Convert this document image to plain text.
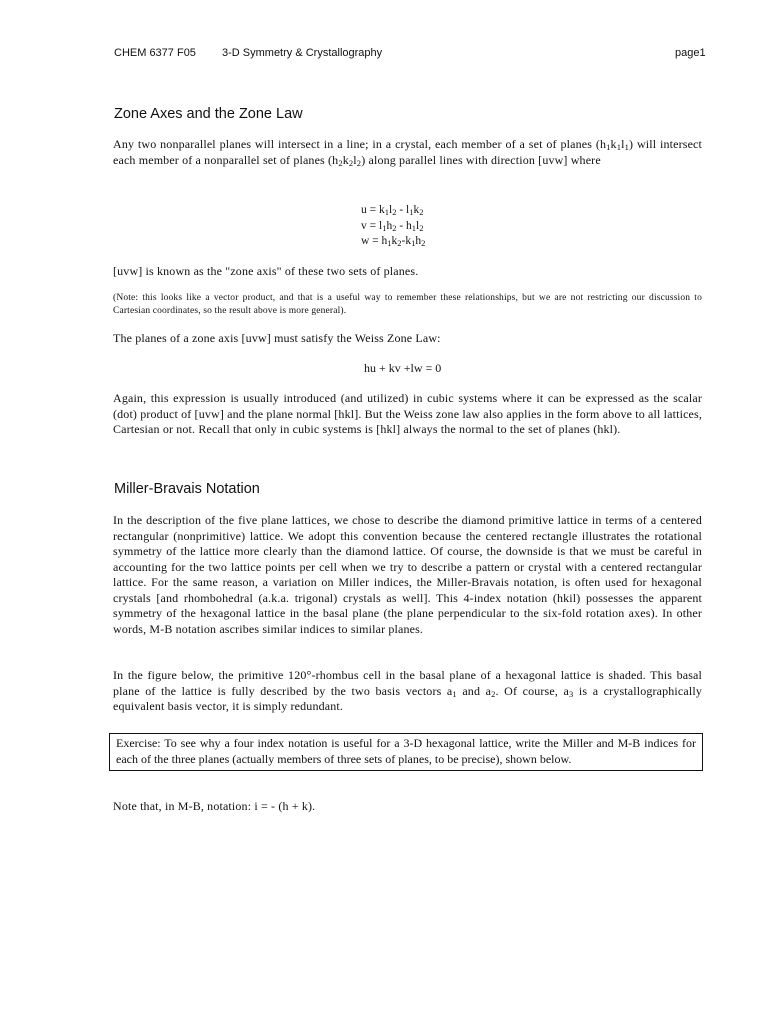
CHEM 6377 F05 3-D Symmetry & Crystallography	page1
Zone Axes and the Zone Law
Any two nonparallel planes will intersect in a line; in a crystal, each member of a set of planes $(h_1k_1l_1)$ will intersect each member of a nonparallel set of planes $(h_2k_2l_2)$ along parallel lines with direction [uvw] where
$u = k_1l_2 - l_1k_2$
$v = l_1h_2 - h_1l_2$
$w = h_1k_2-k_1h_2$
[uvw] is known as the "zone axis" of these two sets of planes.
(Note: this looks like a vector product, and that is a useful way to remember these relationships, but we are not restricting our discussion to Cartesian coordinates, so the result above is more general).
The planes of a zone axis [uvw] must satisfy the Weiss Zone Law:
hu + kv +lw = 0
Again, this expression is usually introduced (and utilized) in cubic systems where it can be expressed as the scalar (dot) product of [uvw] and the plane normal [hkl]. But the Weiss zone law also applies in the form above to all lattices, Cartesian or not. Recall that only in cubic systems is [hkl] always the normal to the set of planes (hkl).
Miller-Bravais Notation
In the description of the five plane lattices, we chose to describe the diamond primitive lattice in terms of a centered rectangular (nonprimitive) lattice. We adopt this convention because the centered rectangle illustrates the rotational symmetry of the lattice more clearly than the diamond lattice. Of course, the downside is that we must be careful in accounting for the two lattice points per cell when we try to describe a pattern or crystal with a centered rectangular lattice. For the same reason, a variation on Miller indices, the Miller-Bravais notation, is often used for hexagonal crystals [and rhombohedral (a.k.a. trigonal) crystals as well]. This 4-index notation (hkil) possesses the apparent symmetry of the hexagonal lattice in the basal plane (the plane perpendicular to the six-fold rotation axes). In other words, M-B notation ascribes similar indices to similar planes.
In the figure below, the primitive 120°-rhombus cell in the basal plane of a hexagonal lattice is shaded. This basal plane of the lattice is fully described by the two basis vectors $a_1$ and $a_2$. Of course, $a_3$ is a crystallographically equivalent basis vector, it is simply redundant.
Exercise: To see why a four index notation is useful for a 3-D hexagonal lattice, write the Miller and M-B indices for each of the three planes (actually members of three sets of planes, to be precise), shown below.
Note that, in M-B, notation: i = - (h + k).
